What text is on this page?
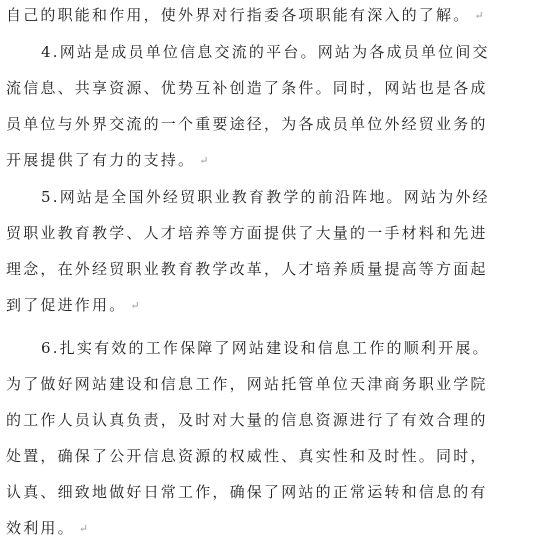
自己的职能和作用，使外界对行指委各项职能有深入的了解。 ↵
4.网站是成员单位信息交流的平台。网站为各成员单位间交
流信息、共享资源、优势互补创造了条件。同时，网站也是各成
员单位与外界交流的一个重要途径，为各成员单位外经贸业务的
开展提供了有力的支持。 ↵
5.网站是全国外经贸职业教育教学的前沿阵地。网站为外经
贸职业教育教学、人才培养等方面提供了大量的一手材料和先进
理念，在外经贸职业教育教学改革，人才培养质量提高等方面起
到了促进作用。 ↵
6.扎实有效的工作保障了网站建设和信息工作的顺利开展。
为了做好网站建设和信息工作，网站托管单位天津商务职业学院
的工作人员认真负责，及时对大量的信息资源进行了有效合理的
处置，确保了公开信息资源的权威性、真实性和及时性。同时，
认真、细致地做好日常工作，确保了网站的正常运转和信息的有
效利用。 ↵
